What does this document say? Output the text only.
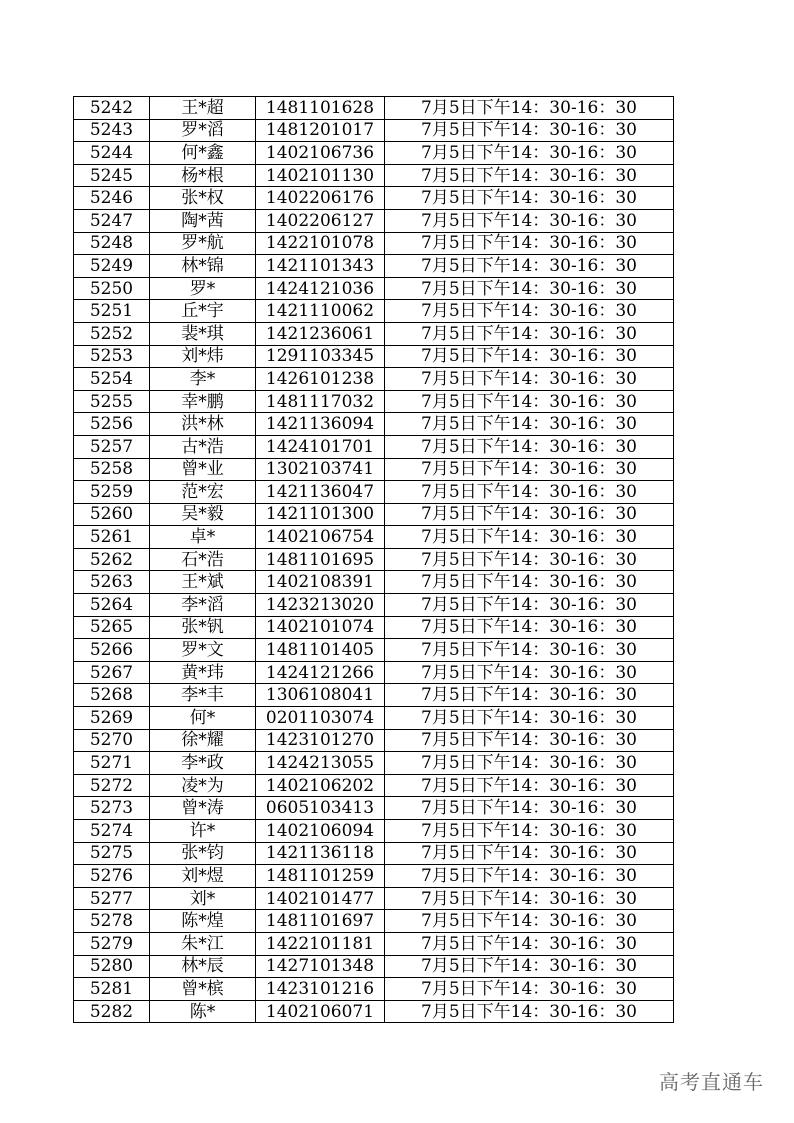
5242	王*超	1481101628	7月5日下午14：30-16：30
5243	罗*滔	1481201017	7月5日下午14：30-16：30
5244	何*鑫	1402106736	7月5日下午14：30-16：30
5245	杨*根	1402101130	7月5日下午14：30-16：30
5246	张*权	1402206176	7月5日下午14：30-16：30
5247	陶*茜	1402206127	7月5日下午14：30-16：30
5248	罗*航	1422101078	7月5日下午14：30-16：30
5249	林*锦	1421101343	7月5日下午14：30-16：30
5250	罗*	1424121036	7月5日下午14：30-16：30
5251	丘*宇	1421110062	7月5日下午14：30-16：30
5252	裴*琪	1421236061	7月5日下午14：30-16：30
5253	刘*炜	1291103345	7月5日下午14：30-16：30
5254	李*	1426101238	7月5日下午14：30-16：30
5255	幸*鹏	1481117032	7月5日下午14：30-16：30
5256	洪*林	1421136094	7月5日下午14：30-16：30
5257	古*浩	1424101701	7月5日下午14：30-16：30
5258	曾*业	1302103741	7月5日下午14：30-16：30
5259	范*宏	1421136047	7月5日下午14：30-16：30
5260	吴*毅	1421101300	7月5日下午14：30-16：30
5261	卓*	1402106754	7月5日下午14：30-16：30
5262	石*浩	1481101695	7月5日下午14：30-16：30
5263	王*斌	1402108391	7月5日下午14：30-16：30
5264	李*滔	1423213020	7月5日下午14：30-16：30
5265	张*钒	1402101074	7月5日下午14：30-16：30
5266	罗*文	1481101405	7月5日下午14：30-16：30
5267	黄*玮	1424121266	7月5日下午14：30-16：30
5268	李*丰	1306108041	7月5日下午14：30-16：30
5269	何*	0201103074	7月5日下午14：30-16：30
5270	徐*耀	1423101270	7月5日下午14：30-16：30
5271	李*政	1424213055	7月5日下午14：30-16：30
5272	凌*为	1402106202	7月5日下午14：30-16：30
5273	曾*涛	0605103413	7月5日下午14：30-16：30
5274	许*	1402106094	7月5日下午14：30-16：30
5275	张*钧	1421136118	7月5日下午14：30-16：30
5276	刘*煜	1481101259	7月5日下午14：30-16：30
5277	刘*	1402101477	7月5日下午14：30-16：30
5278	陈*煌	1481101697	7月5日下午14：30-16：30
5279	朱*江	1422101181	7月5日下午14：30-16：30
5280	林*辰	1427101348	7月5日下午14：30-16：30
5281	曾*槟	1423101216	7月5日下午14：30-16：30
5282	陈*	1402106071	7月5日下午14：30-16：30
高考直通车
